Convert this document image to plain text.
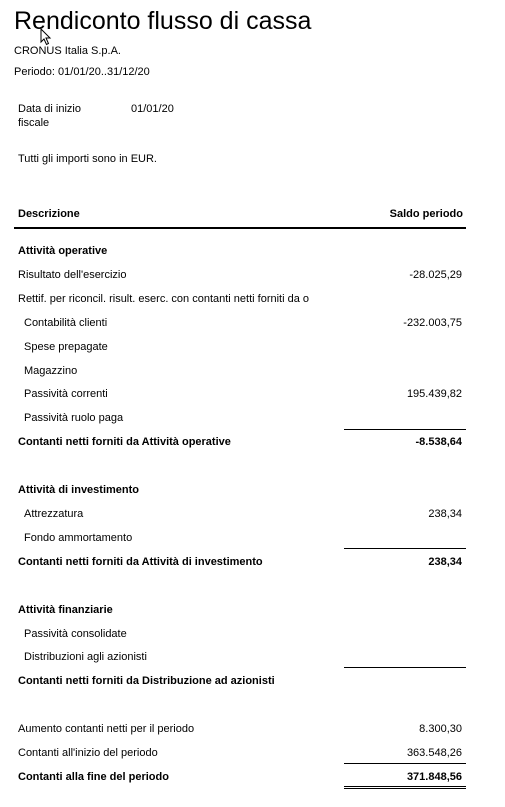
Rendiconto flusso di cassa
CRONUS Italia S.p.A.
Periodo: 01/01/20..31/12/20
Data di inizio fiscale
01/01/20
Tutti gli importi sono in EUR.
Descrizione	Saldo periodo
Attività operative
Risultato dell'esercizio	-28.025,29
Rettif. per riconcil. risult. eserc. con contanti netti forniti da o
Contabilità clienti	-232.003,75
Spese prepagate
Magazzino
Passività correnti	195.439,82
Passività ruolo paga
Contanti netti forniti da Attività operative	-8.538,64
Attività di investimento
Attrezzatura	238,34
Fondo ammortamento
Contanti netti forniti da Attività di investimento	238,34
Attività finanziarie
Passività consolidate
Distribuzioni agli azionisti
Contanti netti forniti da Distribuzione ad azionisti
Aumento contanti netti per il periodo	8.300,30
Contanti all'inizio del periodo	363.548,26
Contanti alla fine del periodo	371.848,56
